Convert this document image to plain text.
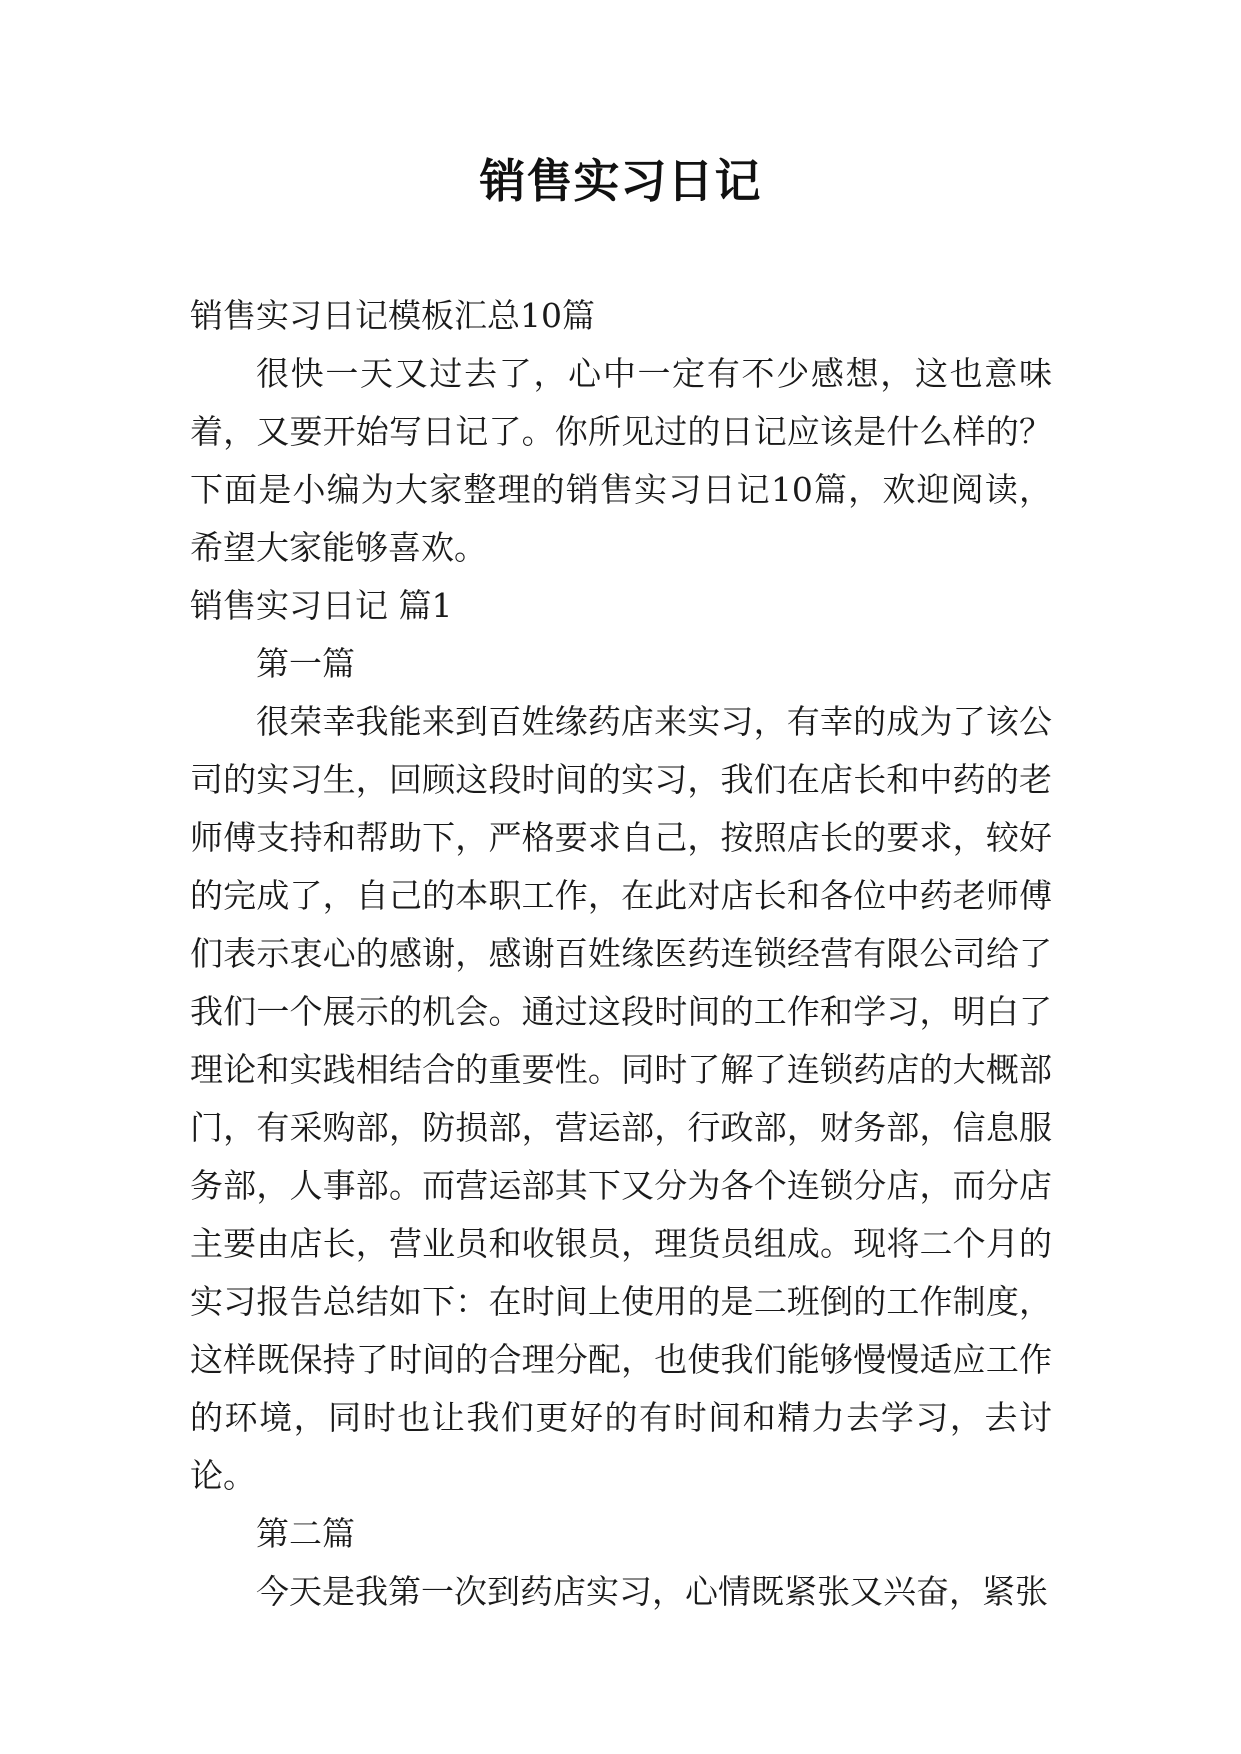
销售实习日记

销售实习日记模板汇总10篇

很快一天又过去了，心中一定有不少感想，这也意味着，又要开始写日记了。你所见过的日记应该是什么样的？下面是小编为大家整理的销售实习日记10篇，欢迎阅读，希望大家能够喜欢。

销售实习日记 篇1

第一篇

很荣幸我能来到百姓缘药店来实习，有幸的成为了该公司的实习生，回顾这段时间的实习，我们在店长和中药的老师傅支持和帮助下，严格要求自己，按照店长的要求，较好的完成了，自己的本职工作，在此对店长和各位中药老师傅们表示衷心的感谢，感谢百姓缘医药连锁经营有限公司给了我们一个展示的机会。通过这段时间的工作和学习，明白了理论和实践相结合的重要性。同时了解了连锁药店的大概部门，有采购部，防损部，营运部，行政部，财务部，信息服务部，人事部。而营运部其下又分为各个连锁分店，而分店主要由店长，营业员和收银员，理货员组成。现将二个月的实习报告总结如下：在时间上使用的是二班倒的工作制度，这样既保持了时间的合理分配，也使我们能够慢慢适应工作的环境，同时也让我们更好的有时间和精力去学习，去讨论。

第二篇

今天是我第一次到药店实习，心情既紧张又兴奋，紧张
